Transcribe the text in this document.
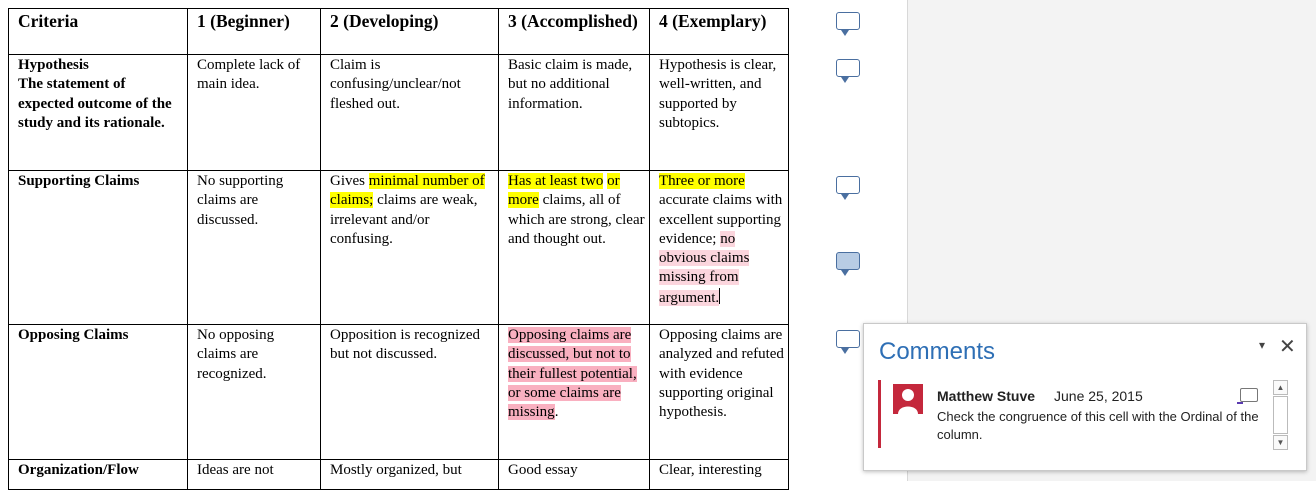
Criteria	1 (Beginner)	2 (Developing)	3 (Accomplished)	4 (Exemplary)

Hypothesis
The statement of expected outcome of the study and its rationale.	Complete lack of main idea.	Claim is confusing/unclear/not fleshed out.	Basic claim is made, but no additional information.	Hypothesis is clear, well-written, and supported by subtopics.
Supporting Claims	No supporting claims are discussed.	Gives minimal number of claims; claims are weak, irrelevant and/or confusing.	Has at least two or more claims, all of which are strong, clear and thought out.	Three or more accurate claims with excellent supporting evidence; no obvious claims missing from argument.
Opposing Claims	No opposing claims are recognized.	Opposition is recognized but not discussed.	Opposing claims are discussed, but not to their fullest potential, or some claims are missing.	Opposing claims are analyzed and refuted with evidence supporting original hypothesis.
Organization/Flow	Ideas are not	Mostly organized, but	Good essay	Clear, interesting
Comments	▾ ✕
Matthew Stuve June 25, 2015
Check the congruence of this cell with the Ordinal of the column.
▲
▼
